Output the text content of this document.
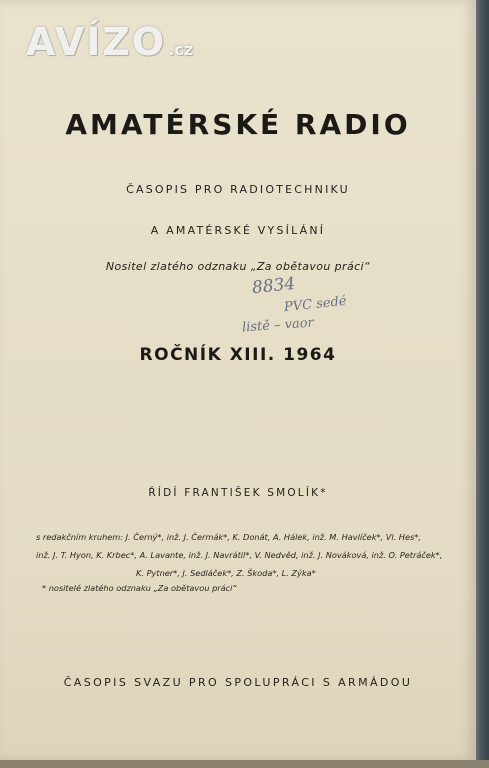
AVÍZO .cz
AMATÉRSKÉ RADIO
ČASOPIS PRO RADIOTECHNIKU
A AMATÉRSKÉ VYSÍLÁNÍ
Nositel zlatého odznaku „Za obětavou práci“
8834
PVC sedé
listě – vaor
ROČNÍK XIII. 1964
ŘÍDÍ FRANTIŠEK SMOLÍK*
s redakčním kruhem: J. Černý*, inž. J. Čermák*, K. Donát, A. Hálek, inž. M. Havlíček*, Vl. Hes*,
inž. J. T. Hyon, K. Krbec*, A. Lavante, inž. J. Navrátil*, V. Nedvěd, inž. J. Nováková, inž. O. Petráček*,
K. Pytner*, J. Sedláček*, Z. Škoda*, L. Zýka*
* nositelé zlatého odznaku „Za obětavou práci“
ČASOPIS SVAZU PRO SPOLUPRÁCI S ARMÁDOU
